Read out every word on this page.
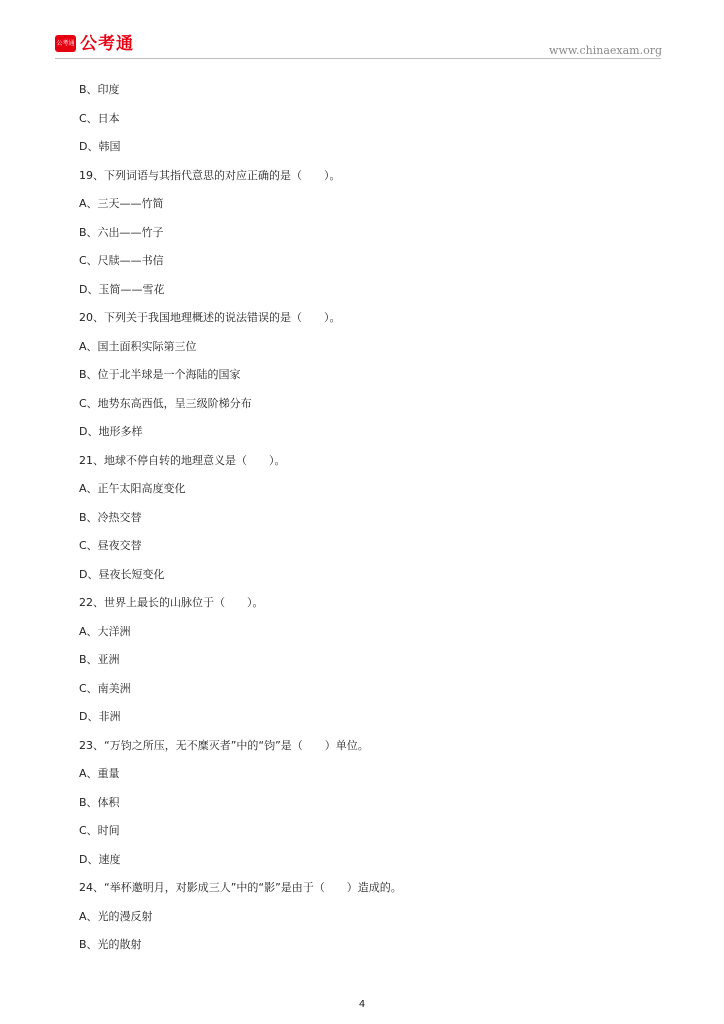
公考通 公考通	www.chinaexam.org
B、印度
C、日本
D、韩国
19、下列词语与其指代意思的对应正确的是（　　）。
A、三天——竹简
B、六出——竹子
C、尺牍——书信
D、玉简——雪花
20、下列关于我国地理概述的说法错误的是（　　）。
A、国土面积实际第三位
B、位于北半球是一个海陆的国家
C、地势东高西低，呈三级阶梯分布
D、地形多样
21、地球不停自转的地理意义是（　　）。
A、正午太阳高度变化
B、冷热交替
C、昼夜交替
D、昼夜长短变化
22、世界上最长的山脉位于（　　）。
A、大洋洲
B、亚洲
C、南美洲
D、非洲
23、“万钧之所压，无不糜灭者”中的“钧”是（　　）单位。
A、重量
B、体积
C、时间
D、速度
24、“举杯邀明月，对影成三人”中的“影”是由于（　　）造成的。
A、光的漫反射
B、光的散射
4
